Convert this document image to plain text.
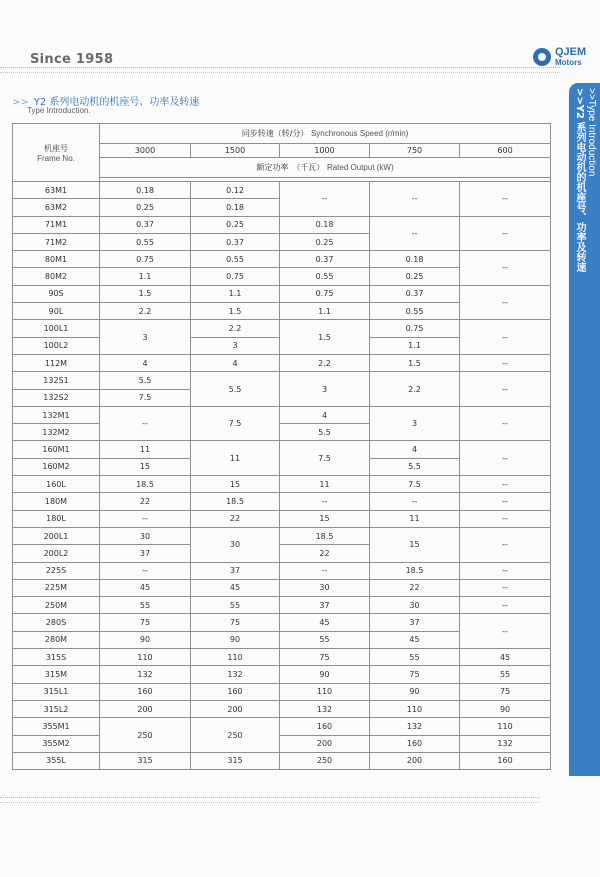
Since 1958	QJEM
Motors
>> Y2 系列电动机的机座号、功率及转速
Type Introduction.
>>Type Introduction
>>Y2 系列电动机的机座号、功率及转速
机座号
Frame No.	同步转速（转/分） Synchronous Speed (r/min)				
	3000	1500	1000	750	600
	额定功率　（千瓦） Rated Output (kW)				

63M1	0.18	0.12	--	--	--
63M2	0.25	0.18			
71M1	0.37	0.25	0.18	--	--
71M2	0.55	0.37	0.25		
80M1	0.75	0.55	0.37	0.18	--
80M2	1.1	0.75	0.55	0.25	
90S	1.5	1.1	0.75	0.37	--
90L	2.2	1.5	1.1	0.55	
100L1	3	2.2	1.5	0.75	--
100L2		3		1.1	
112M	4	4	2.2	1.5	--
132S1	5.5	5.5	3	2.2	--
132S2	7.5				
132M1	--	7.5	4	3	--
132M2			5.5		
160M1	11	11	7.5	4	--
160M2	15			5.5	
160L	18.5	15	11	7.5	--
180M	22	18.5	--	--	--
180L	--	22	15	11	--
200L1	30	30	18.5	15	--
200L2	37		22		
225S	--	37	--	18.5	--
225M	45	45	30	22	--
250M	55	55	37	30	--
280S	75	75	45	37	--
280M	90	90	55	45	
315S	110	110	75	55	45
315M	132	132	90	75	55
315L1	160	160	110	90	75
315L2	200	200	132	110	90
355M1	250	250	160	132	110
355M2			200	160	132
355L	315	315	250	200	160
